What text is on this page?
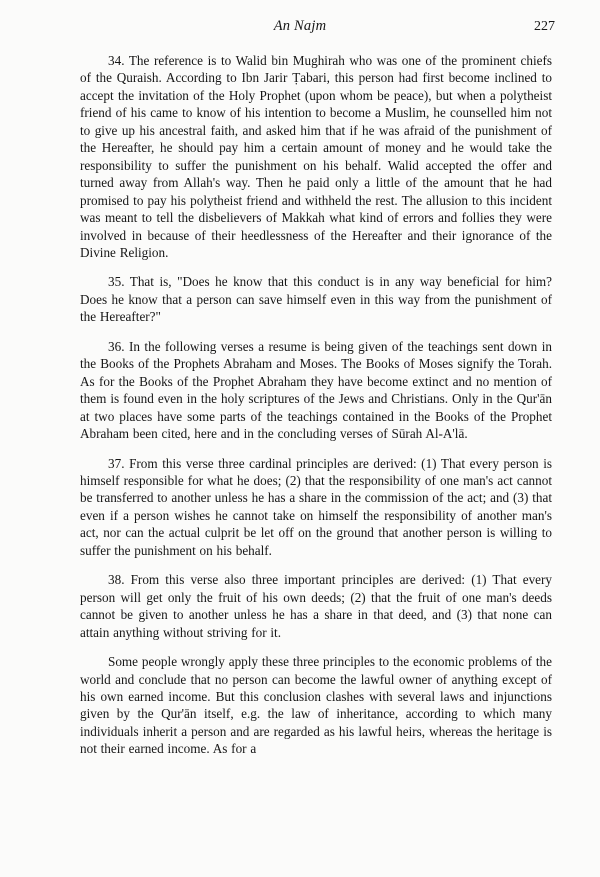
An Najm	227

34. The reference is to Walid bin Mughirah who was one of the prominent chiefs of the Quraish. According to Ibn Jarir Ṭabari, this person had first become inclined to accept the invitation of the Holy Prophet (upon whom be peace), but when a polytheist friend of his came to know of his intention to become a Muslim, he counselled him not to give up his ancestral faith, and asked him that if he was afraid of the punishment of the Hereafter, he should pay him a certain amount of money and he would take the responsibility to suffer the punishment on his behalf. Walid accepted the offer and turned away from Allah's way. Then he paid only a little of the amount that he had promised to pay his polytheist friend and withheld the rest. The allusion to this incident was meant to tell the disbelievers of Makkah what kind of errors and follies they were involved in because of their heedlessness of the Hereafter and their ignorance of the Divine Religion.

35. That is, "Does he know that this conduct is in any way beneficial for him? Does he know that a person can save himself even in this way from the punishment of the Hereafter?"

36. In the following verses a resume is being given of the teachings sent down in the Books of the Prophets Abraham and Moses. The Books of Moses signify the Torah. As for the Books of the Prophet Abraham they have become extinct and no mention of them is found even in the holy scriptures of the Jews and Christians. Only in the Qur'ān at two places have some parts of the teachings contained in the Books of the Prophet Abraham been cited, here and in the concluding verses of Sūrah Al-A'lā.

37. From this verse three cardinal principles are derived: (1) That every person is himself responsible for what he does; (2) that the responsibility of one man's act cannot be transferred to another unless he has a share in the commission of the act; and (3) that even if a person wishes he cannot take on himself the responsibility of another man's act, nor can the actual culprit be let off on the ground that another person is willing to suffer the punishment on his behalf.

38. From this verse also three important principles are derived: (1) That every person will get only the fruit of his own deeds; (2) that the fruit of one man's deeds cannot be given to another unless he has a share in that deed, and (3) that none can attain anything without striving for it.

Some people wrongly apply these three principles to the economic problems of the world and conclude that no person can become the lawful owner of anything except of his own earned income. But this conclusion clashes with several laws and injunctions given by the Qur'ān itself, e.g. the law of inheritance, according to which many individuals inherit a person and are regarded as his lawful heirs, whereas the heritage is not their earned income. As for a
